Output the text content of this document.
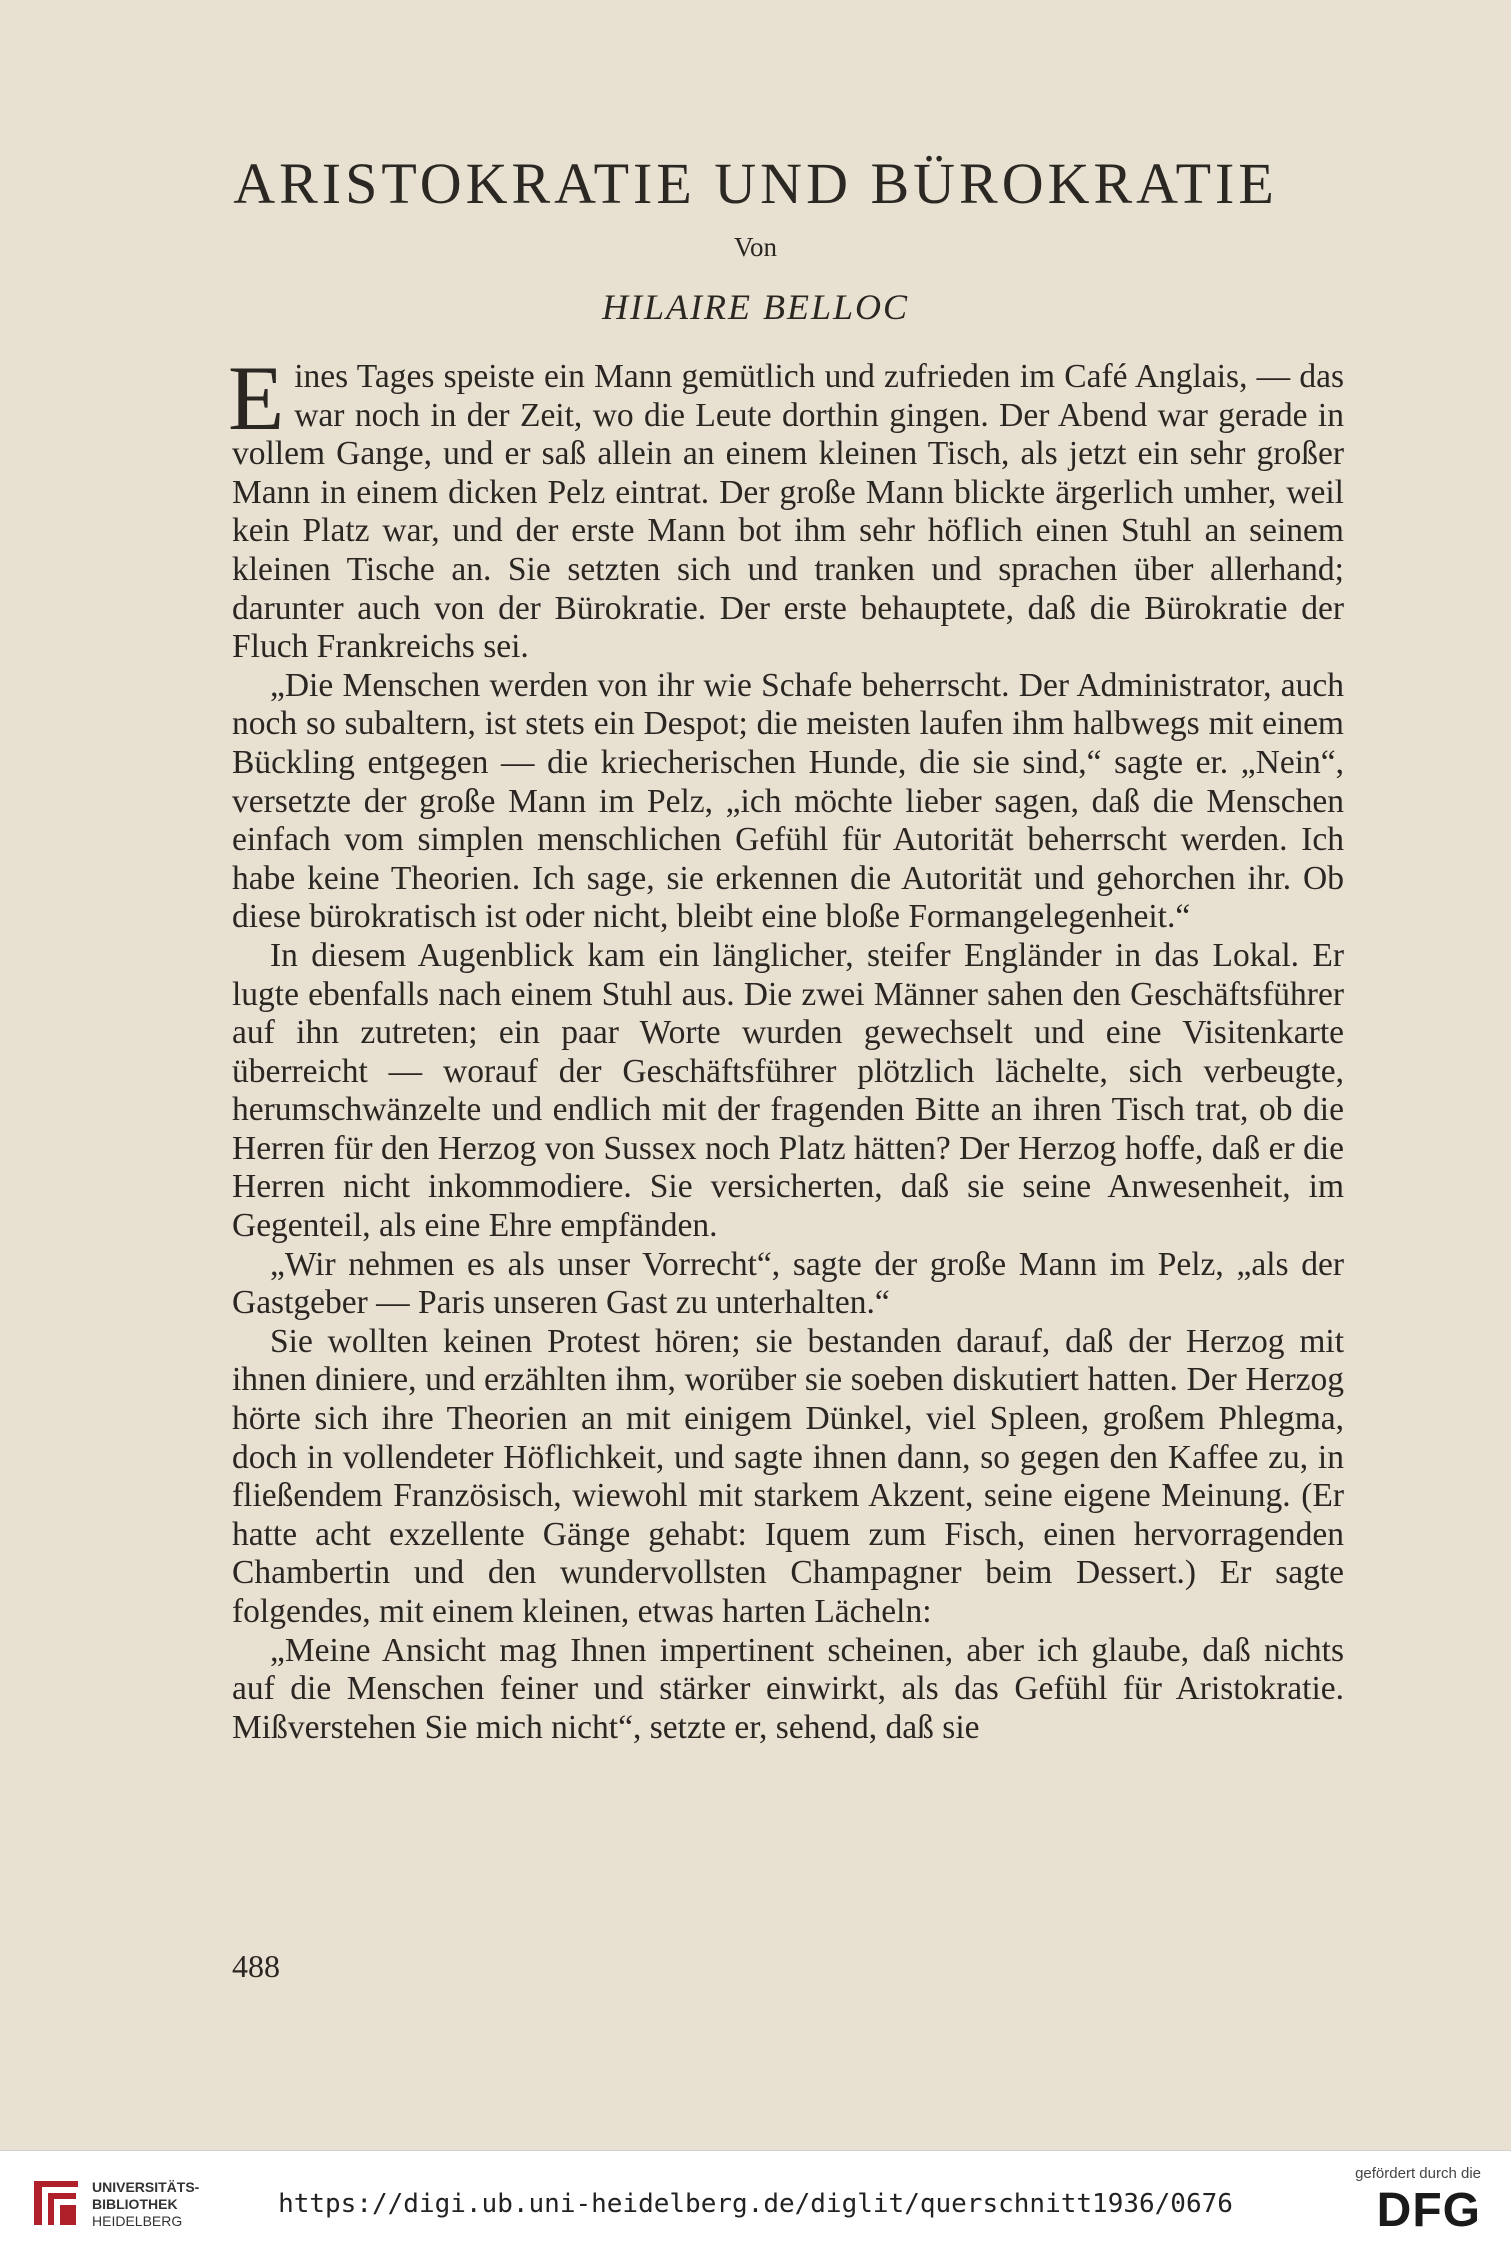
ARISTOKRATIE UND BÜROKRATIE
Von
HILAIRE BELLOC

Eines Tages speiste ein Mann gemütlich und zufrieden im Café Anglais, — das war noch in der Zeit, wo die Leute dorthin gingen. Der Abend war gerade in vollem Gange, und er saß allein an einem kleinen Tisch, als jetzt ein sehr großer Mann in einem dicken Pelz eintrat. Der große Mann blickte ärgerlich umher, weil kein Platz war, und der erste Mann bot ihm sehr höflich einen Stuhl an seinem kleinen Tische an. Sie setzten sich und tranken und sprachen über allerhand; darunter auch von der Bürokratie. Der erste behauptete, daß die Bürokratie der Fluch Frankreichs sei.

„Die Menschen werden von ihr wie Schafe beherrscht. Der Administrator, auch noch so subaltern, ist stets ein Despot; die meisten laufen ihm halbwegs mit einem Bückling entgegen — die kriecherischen Hunde, die sie sind,“ sagte er. „Nein“, versetzte der große Mann im Pelz, „ich möchte lieber sagen, daß die Menschen einfach vom simplen menschlichen Gefühl für Autorität beherrscht werden. Ich habe keine Theorien. Ich sage, sie erkennen die Autorität und gehorchen ihr. Ob diese bürokratisch ist oder nicht, bleibt eine bloße Formangelegenheit.“

In diesem Augenblick kam ein länglicher, steifer Engländer in das Lokal. Er lugte ebenfalls nach einem Stuhl aus. Die zwei Männer sahen den Geschäftsführer auf ihn zutreten; ein paar Worte wurden gewechselt und eine Visitenkarte überreicht — worauf der Geschäftsführer plötzlich lächelte, sich verbeugte, herumschwänzelte und endlich mit der fragenden Bitte an ihren Tisch trat, ob die Herren für den Herzog von Sussex noch Platz hätten? Der Herzog hoffe, daß er die Herren nicht inkommodiere. Sie versicherten, daß sie seine Anwesenheit, im Gegenteil, als eine Ehre empfänden.

„Wir nehmen es als unser Vorrecht“, sagte der große Mann im Pelz, „als der Gastgeber — Paris unseren Gast zu unterhalten.“

Sie wollten keinen Protest hören; sie bestanden darauf, daß der Herzog mit ihnen diniere, und erzählten ihm, worüber sie soeben diskutiert hatten. Der Herzog hörte sich ihre Theorien an mit einigem Dünkel, viel Spleen, großem Phlegma, doch in vollendeter Höflichkeit, und sagte ihnen dann, so gegen den Kaffee zu, in fließendem Französisch, wiewohl mit starkem Akzent, seine eigene Meinung. (Er hatte acht exzellente Gänge gehabt: Iquem zum Fisch, einen hervorragenden Chambertin und den wundervollsten Champagner beim Dessert.) Er sagte folgendes, mit einem kleinen, etwas harten Lächeln:

„Meine Ansicht mag Ihnen impertinent scheinen, aber ich glaube, daß nichts auf die Menschen feiner und stärker einwirkt, als das Gefühl für Aristokratie. Mißverstehen Sie mich nicht“, setzte er, sehend, daß sie

488
UNIVERSITÄTS-
BIBLIOTHEK
HEIDELBERG
https://digi.ub.uni-heidelberg.de/diglit/querschnitt1936/0676
gefördert durch die
DFG
